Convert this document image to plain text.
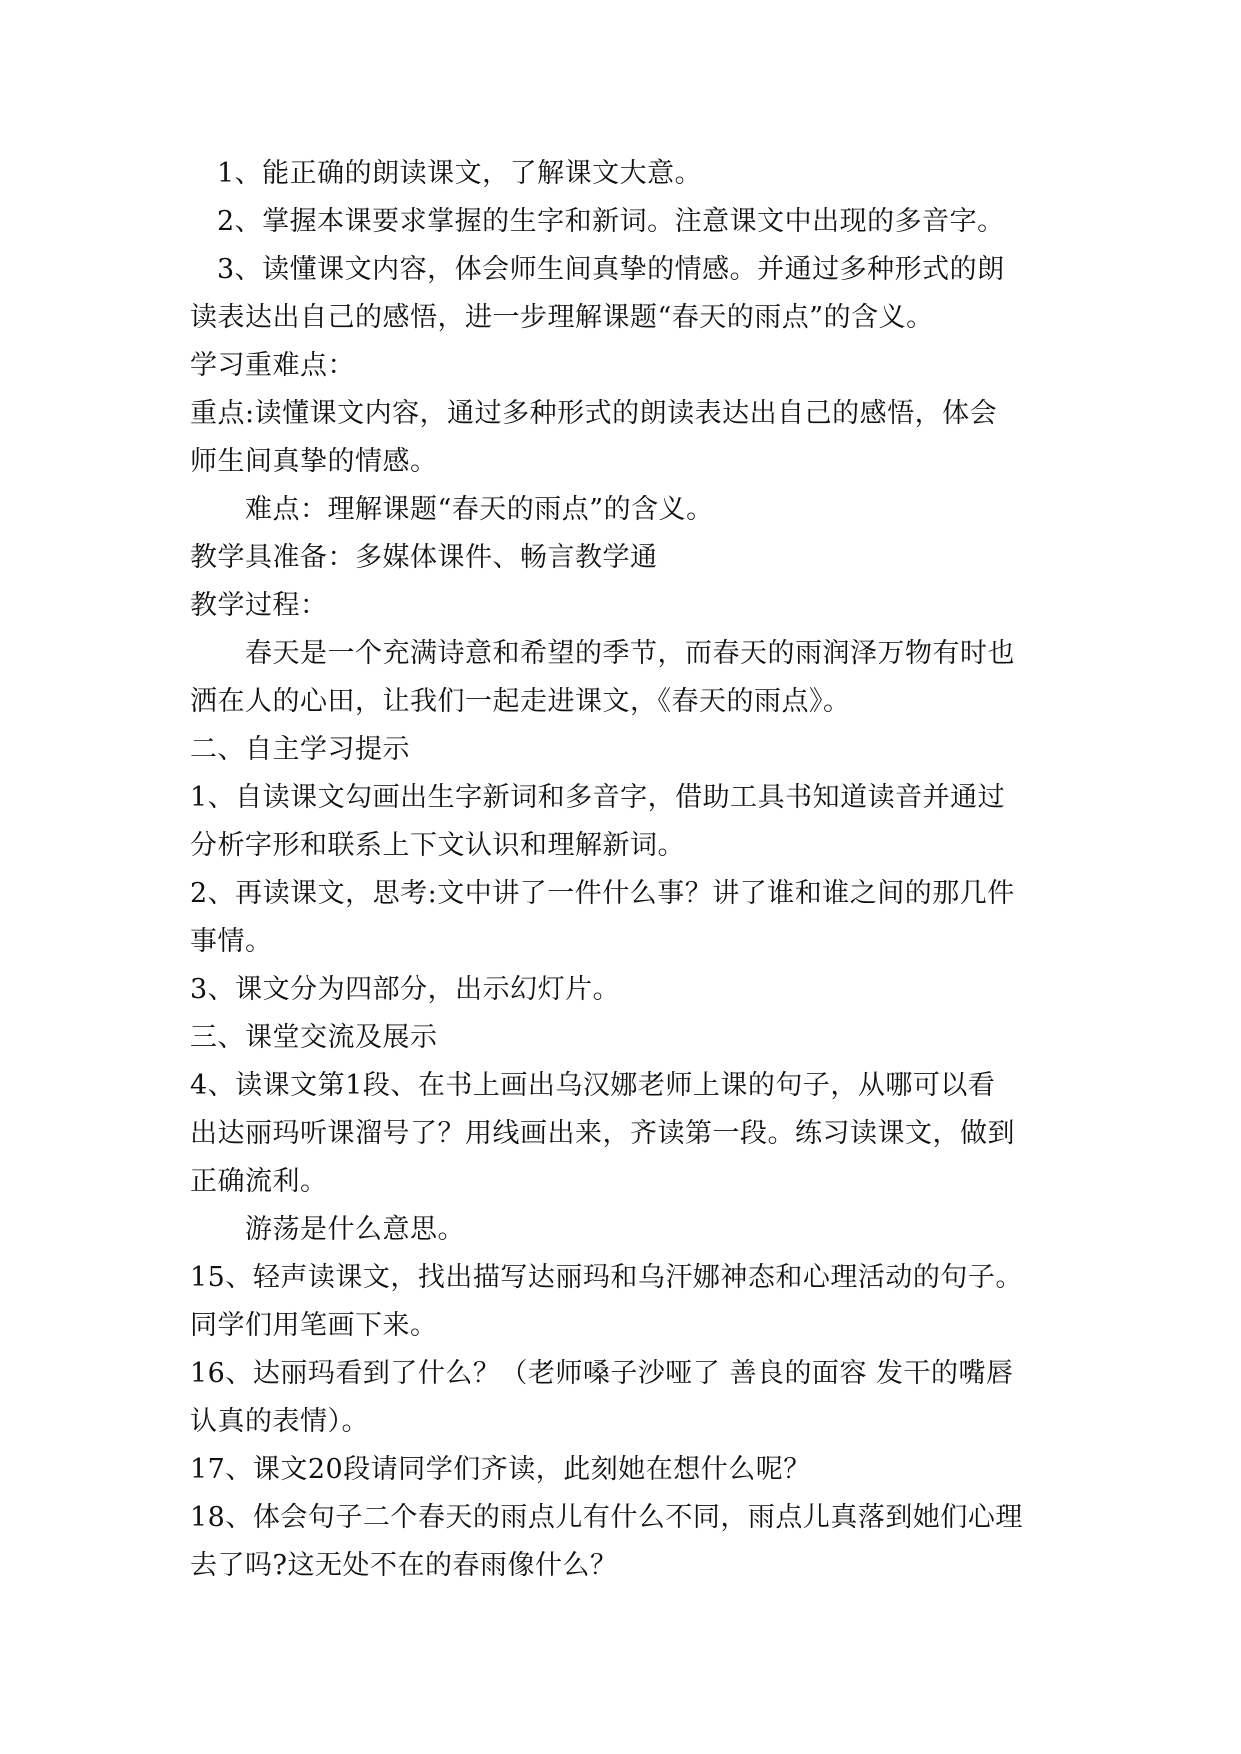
1、能正确的朗读课文，了解课文大意。

2、掌握本课要求掌握的生字和新词。注意课文中出现的多音字。

3、读懂课文内容，体会师生间真挚的情感。并通过多种形式的朗

读表达出自己的感悟，进一步理解课题“春天的雨点”的含义。

学习重难点：

重点:读懂课文内容，通过多种形式的朗读表达出自己的感悟，体会

师生间真挚的情感。

难点：理解课题“春天的雨点”的含义。

教学具准备：多媒体课件、畅言教学通

教学过程：

春天是一个充满诗意和希望的季节，而春天的雨润泽万物有时也

洒在人的心田，让我们一起走进课文，《春天的雨点》。

二、自主学习提示

1、自读课文勾画出生字新词和多音字，借助工具书知道读音并通过

分析字形和联系上下文认识和理解新词。

2、再读课文，思考:文中讲了一件什么事？讲了谁和谁之间的那几件

事情。

3、课文分为四部分，出示幻灯片。

三、课堂交流及展示

4、读课文第1段、在书上画出乌汉娜老师上课的句子，从哪可以看

出达丽玛听课溜号了？用线画出来，齐读第一段。练习读课文，做到

正确流利。

游荡是什么意思。

15、轻声读课文，找出描写达丽玛和乌汗娜神态和心理活动的句子。

同学们用笔画下来。

16、达丽玛看到了什么？（老师嗓子沙哑了 善良的面容 发干的嘴唇

认真的表情）。

17、课文20段请同学们齐读，此刻她在想什么呢？

18、体会句子二个春天的雨点儿有什么不同，雨点儿真落到她们心理

去了吗?这无处不在的春雨像什么？
